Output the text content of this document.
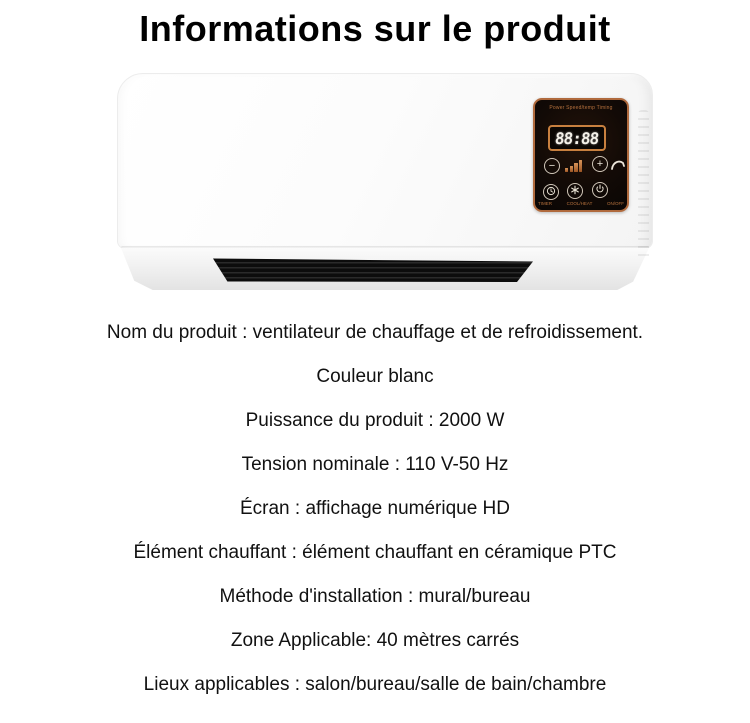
Informations sur le produit
Power Speed/temp Timing
88:88
−	+
TIMER	COOL/HEAT	ON/OFF

Nom du produit : ventilateur de chauffage et de refroidissement.

Couleur blanc

Puissance du produit : 2000 W

Tension nominale : 110 V-50 Hz

Écran : affichage numérique HD

Élément chauffant : élément chauffant en céramique PTC

Méthode d'installation : mural/bureau

Zone Applicable: 40 mètres carrés

Lieux applicables : salon/bureau/salle de bain/chambre
